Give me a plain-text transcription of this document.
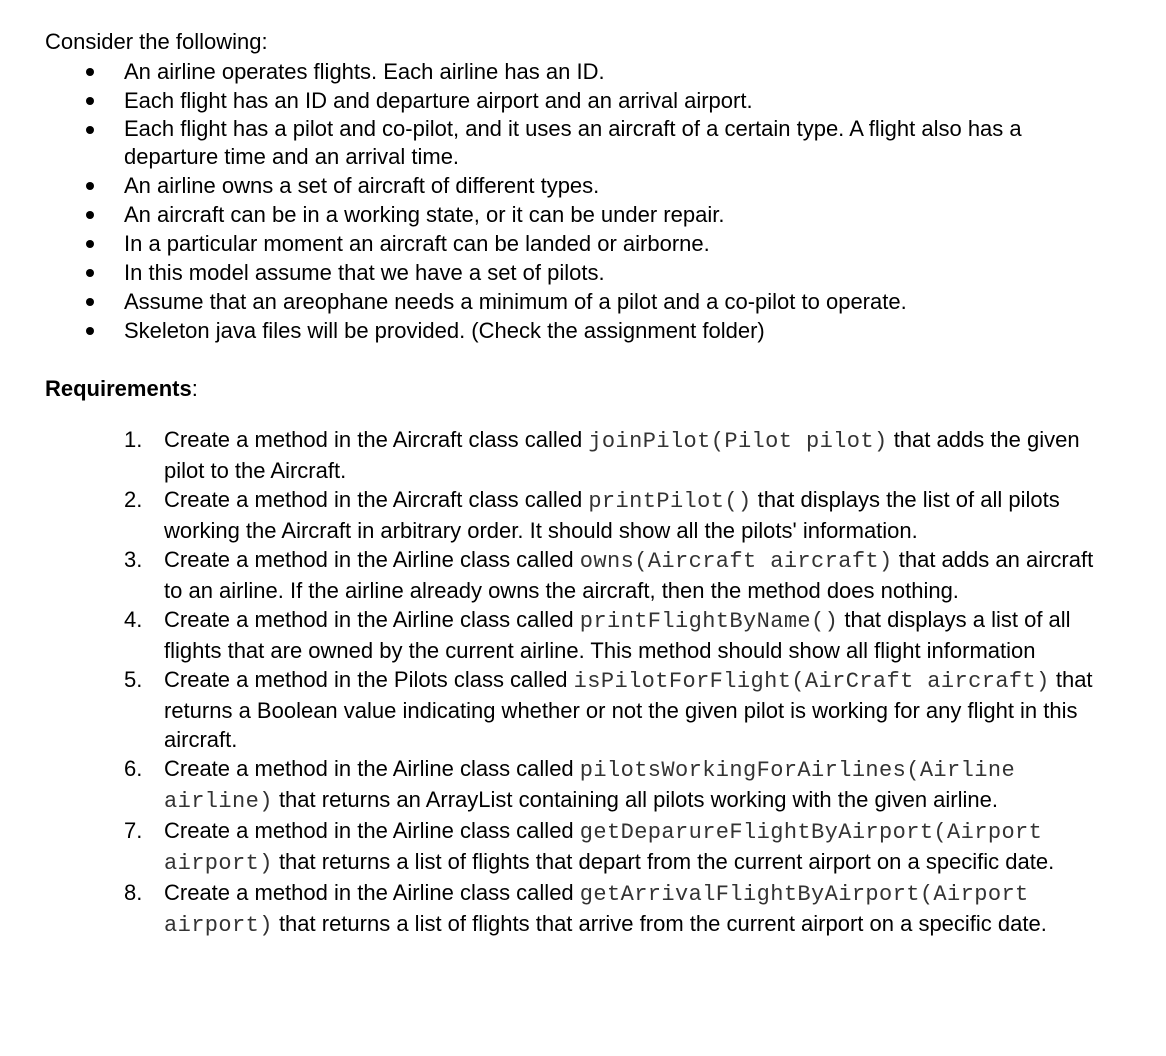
Consider the following:
An airline operates flights. Each airline has an ID.
Each flight has an ID and departure airport and an arrival airport.
Each flight has a pilot and co-pilot, and it uses an aircraft of a certain type. A flight also has a departure time and an arrival time.
An airline owns a set of aircraft of different types.
An aircraft can be in a working state, or it can be under repair.
In a particular moment an aircraft can be landed or airborne.
In this model assume that we have a set of pilots.
Assume that an areophane needs a minimum of a pilot and a co-pilot to operate.
Skeleton java files will be provided. (Check the assignment folder)
Requirements:
1. Create a method in the Aircraft class called joinPilot(Pilot pilot) that adds the given pilot to the Aircraft.
2. Create a method in the Aircraft class called printPilot() that displays the list of all pilots working the Aircraft in arbitrary order. It should show all the pilots' information.
3. Create a method in the Airline class called owns(Aircraft aircraft) that adds an aircraft to an airline. If the airline already owns the aircraft, then the method does nothing.
4. Create a method in the Airline class called printFlightByName() that displays a list of all flights that are owned by the current airline. This method should show all flight information
5. Create a method in the Pilots class called isPilotForFlight(AirCraft aircraft) that returns a Boolean value indicating whether or not the given pilot is working for any flight in this aircraft.
6. Create a method in the Airline class called pilotsWorkingForAirlines(Airline airline) that returns an ArrayList containing all pilots working with the given airline.
7. Create a method in the Airline class called getDeparureFlightByAirport(Airport airport) that returns a list of flights that depart from the current airport on a specific date.
8. Create a method in the Airline class called getArrivalFlightByAirport(Airport airport) that returns a list of flights that arrive from the current airport on a specific date.
